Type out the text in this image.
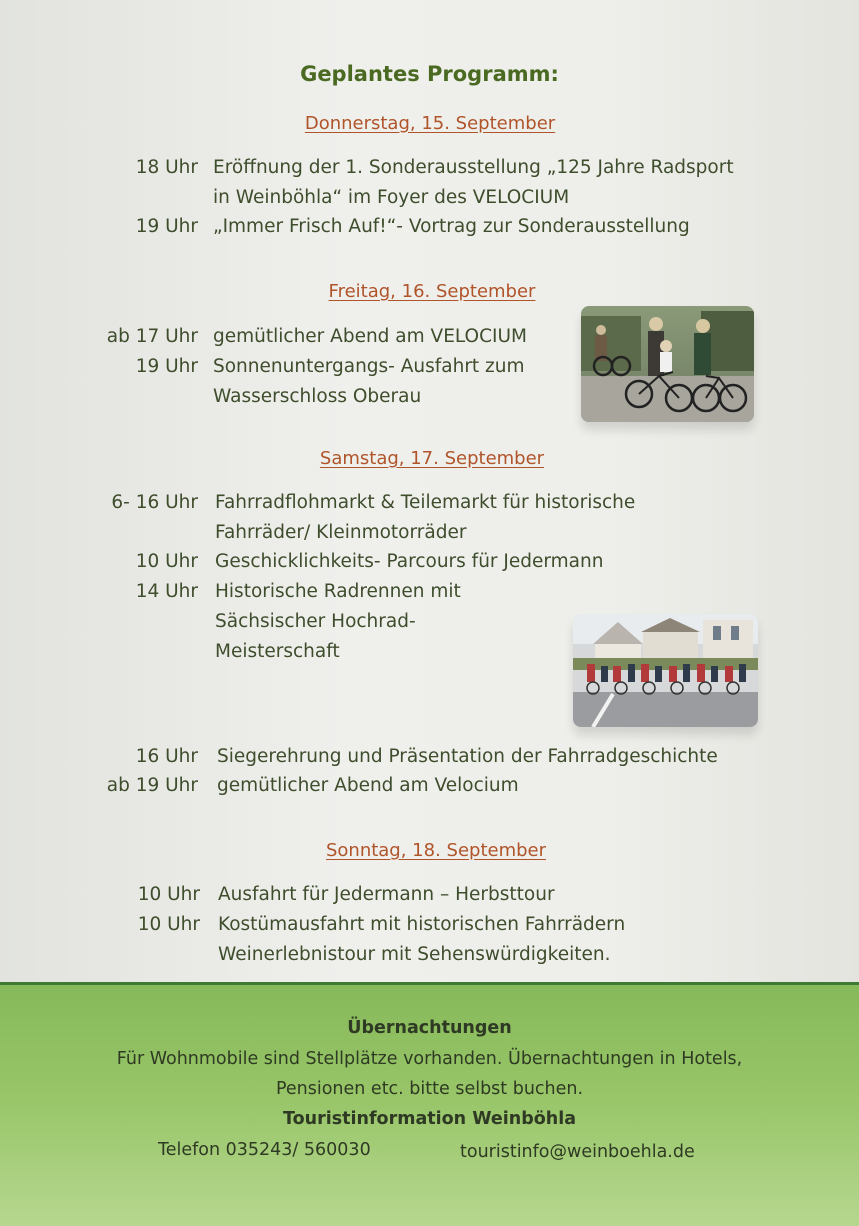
Geplantes Programm:
Donnerstag, 15. September
18 Uhr Eröffnung der 1. Sonderausstellung „125 Jahre Radsport
in Weinböhla“ im Foyer des VELOCIUM
19 Uhr „Immer Frisch Auf!“- Vortrag zur Sonderausstellung
Freitag, 16. September
ab 17 Uhr gemütlicher Abend am VELOCIUM
19 Uhr Sonnenuntergangs- Ausfahrt zum
Wasserschloss Oberau
Samstag, 17. September
6- 16 Uhr Fahrradflohmarkt & Teilemarkt für historische
Fahrräder/ Kleinmotorräder
10 Uhr Geschicklichkeits- Parcours für Jedermann
14 Uhr Historische Radrennen mit
Sächsischer Hochrad-
Meisterschaft
16 Uhr Siegerehrung und Präsentation der Fahrradgeschichte
ab 19 Uhr gemütlicher Abend am Velocium
Sonntag, 18. September
10 Uhr Ausfahrt für Jedermann – Herbsttour
10 Uhr Kostümausfahrt mit historischen Fahrrädern
Weinerlebnistour mit Sehenswürdigkeiten.
Übernachtungen
Für Wohnmobile sind Stellplätze vorhanden. Übernachtungen in Hotels,
Pensionen etc. bitte selbst buchen.
Touristinformation Weinböhla
Telefon 035243/ 560030	touristinfo@weinboehla.de
